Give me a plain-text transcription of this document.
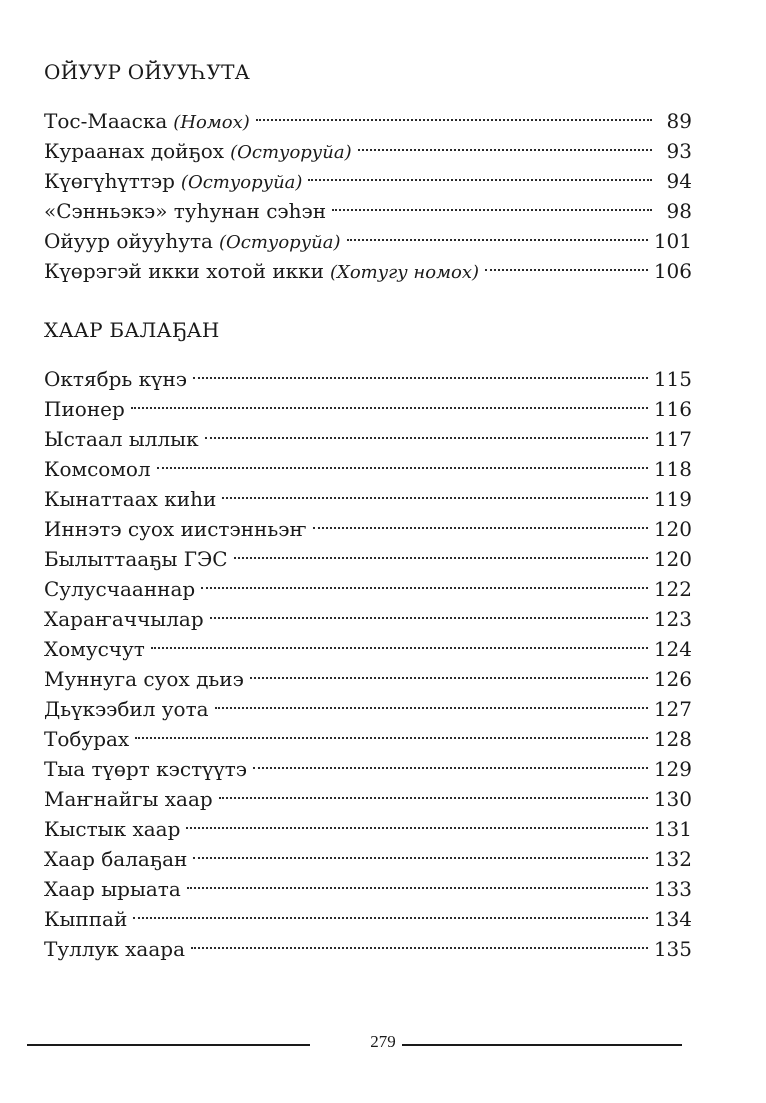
ОЙУУР ОЙУУҺУТА
Тос-Мааска (Номох)	89
Кураанах дойҕох (Остуоруйа)	93
Күөгүһүттэр (Остуоруйа)	94
«Сэнньэкэ» туһунан сэһэн	98
Ойуур ойууһута (Остуоруйа)	101
Күөрэгэй икки хотой икки (Хотугу номох)	106
ХААР БАЛАҔАН
Октябрь күнэ	115
Пионер	116
Ыстаал ыллык	117
Комсомол	118
Кынаттаах киһи	119
Иннэтэ суох иистэнньэҥ	120
Былыттааҕы ГЭС	120
Сулусчааннар	122
Хараҥаччылар	123
Хомусчут	124
Муннуга суох дьиэ	126
Дьүкээбил уота	127
Тобурах	128
Тыа түөрт кэстүүтэ	129
Маҥнайгы хаар	130
Кыстык хаар	131
Хаар балаҕан	132
Хаар ырыата	133
Кыппай	134
Туллук хаара	135
279
